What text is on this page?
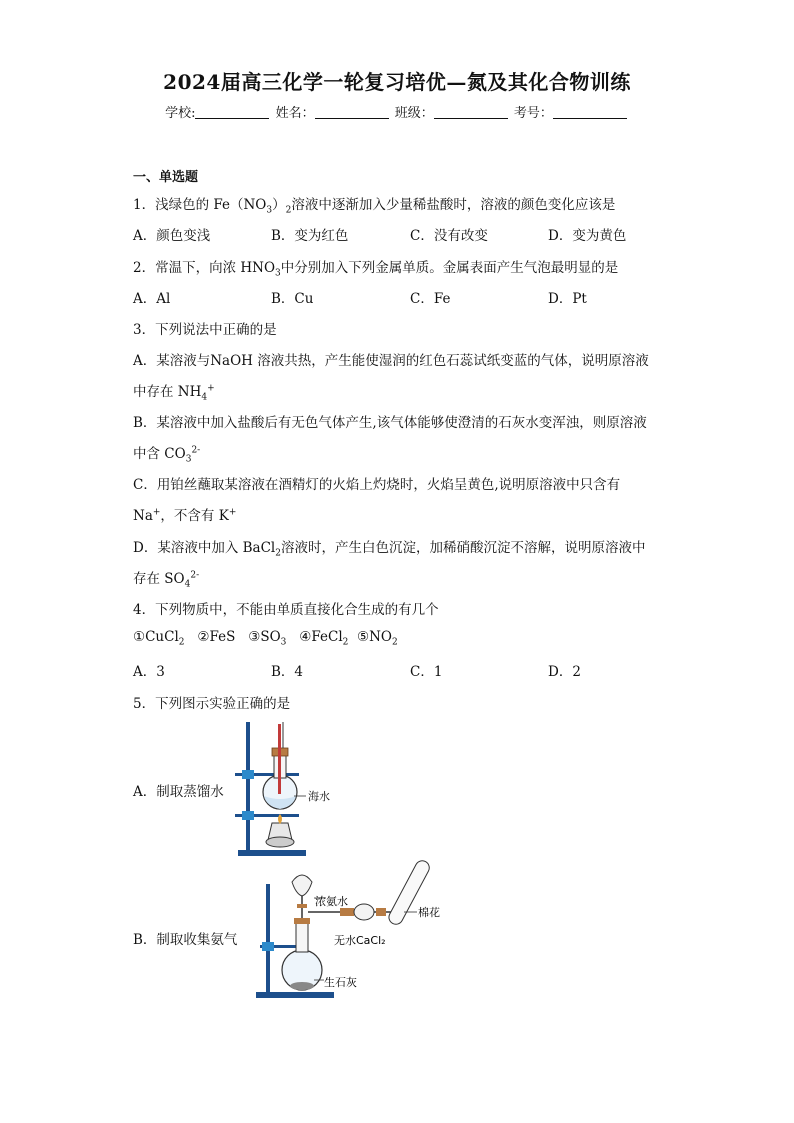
2024届高三化学一轮复习培优—氮及其化合物训练
学校:	姓名：	班级：	考号：
一、单选题
1．浅绿色的 $Fe(NO_3)_2$溶液中逐渐加入少量稀盐酸时，溶液的颜色变化应该是
A．颜色变浅	B．变为红色	C．没有改变	D．变为黄色
2．常温下，向浓 $HNO_3$中分别加入下列金属单质。金属表面产生气泡最明显的是
A．Al	B．Cu	C．Fe	D．Pt
3．下列说法中正确的是
A．某溶液与NaOH 溶液共热，产生能使湿润的红色石蕊试纸变蓝的气体，说明原溶液
中存在 $NH_4^+$
B．某溶液中加入盐酸后有无色气体产生,该气体能够使澄清的石灰水变浑浊，则原溶液
中含 $CO_3^{2-}$
C．用铂丝蘸取某溶液在酒精灯的火焰上灼烧时，火焰呈黄色,说明原溶液中只含有
Na+，不含有 K+
D．某溶液中加入 BaCl$_2$溶液时，产生白色沉淀，加稀硝酸沉淀不溶解，说明原溶液中
存在 $SO_4^{2-}$
4．下列物质中，不能由单质直接化合生成的有几个
①CuCl$_2$ ②FeS $③SO_3$ ④FeCl$_2$ $⑤NO_2$
A．3	B．4	C．1	D．2
5．下列图示实验正确的是
A．制取蒸馏水	海水
B．制取收集氨气
浓氨水
棉花
无水CaCl₂
生石灰
